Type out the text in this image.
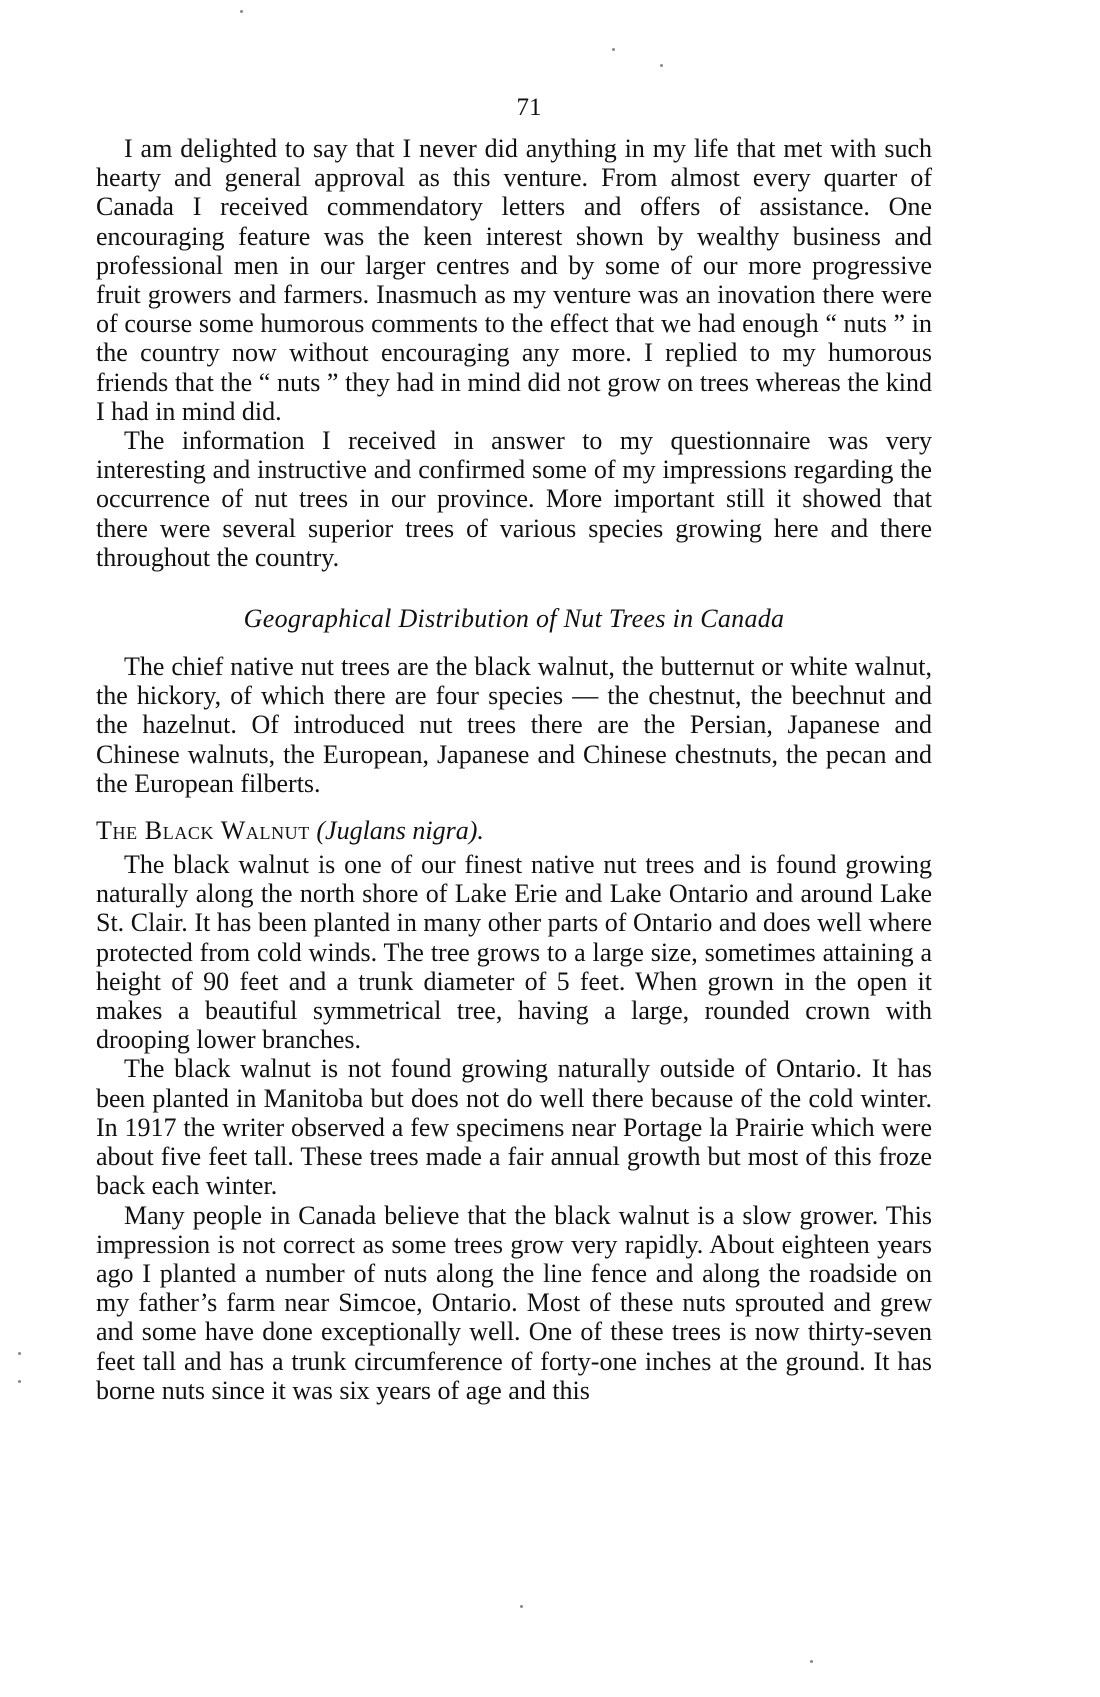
71

I am delighted to say that I never did anything in my life that met with such hearty and general approval as this venture. From almost every quarter of Canada I received commendatory letters and offers of assistance. One encouraging feature was the keen interest shown by wealthy business and professional men in our larger centres and by some of our more progressive fruit growers and farmers. Inasmuch as my venture was an inovation there were of course some humorous comments to the effect that we had enough “ nuts ” in the country now without encouraging any more. I replied to my humorous friends that the “ nuts ” they had in mind did not grow on trees whereas the kind I had in mind did.

The information I received in answer to my questionnaire was very interesting and instructive and confirmed some of my impressions regarding the occurrence of nut trees in our province. More important still it showed that there were several superior trees of various species growing here and there throughout the country.

Geographical Distribution of Nut Trees in Canada

The chief native nut trees are the black walnut, the butternut or white walnut, the hickory, of which there are four species — the chestnut, the beechnut and the hazelnut. Of introduced nut trees there are the Persian, Japanese and Chinese walnuts, the European, Japanese and Chinese chestnuts, the pecan and the European filberts.

The Black Walnut (Juglans nigra).

The black walnut is one of our finest native nut trees and is found growing naturally along the north shore of Lake Erie and Lake Ontario and around Lake St. Clair. It has been planted in many other parts of Ontario and does well where protected from cold winds. The tree grows to a large size, sometimes attaining a height of 90 feet and a trunk diameter of 5 feet. When grown in the open it makes a beautiful symmetrical tree, having a large, rounded crown with drooping lower branches.

The black walnut is not found growing naturally outside of Ontario. It has been planted in Manitoba but does not do well there because of the cold winter. In 1917 the writer observed a few specimens near Portage la Prairie which were about five feet tall. These trees made a fair annual growth but most of this froze back each winter.

Many people in Canada believe that the black walnut is a slow grower. This impression is not correct as some trees grow very rapidly. About eighteen years ago I planted a number of nuts along the line fence and along the roadside on my father’s farm near Simcoe, Ontario. Most of these nuts sprouted and grew and some have done exceptionally well. One of these trees is now thirty-seven feet tall and has a trunk circumference of forty-one inches at the ground. It has borne nuts since it was six years of age and this
